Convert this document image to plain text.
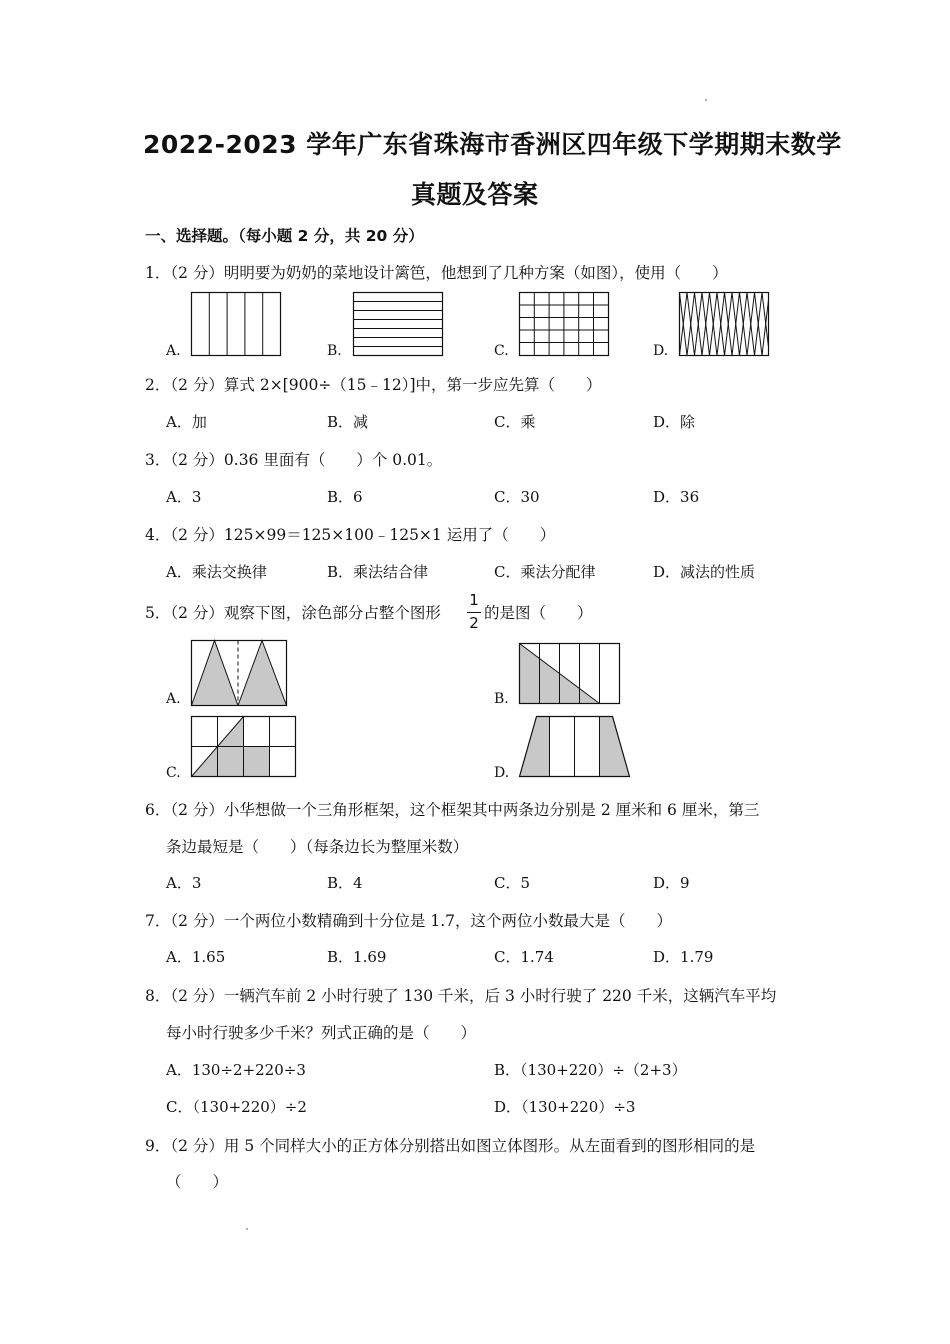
2022-2023 学年广东省珠海市香洲区四年级下学期期末数学
真题及答案
一、选择题。（每小题 2 分，共 20 分）
1．（2 分）明明要为奶奶的菜地设计篱笆，他想到了几种方案（如图），使用（　　）
A.	B.	C.	D.
2．（2 分）算式 2×[900÷（15﹣12）]中，第一步应先算（　　）
A．加	B．减	C．乘	D．除
3．（2 分）0.36 里面有（　　）个 0.01。
A．3	B．6	C．30	D．36
4．（2 分）125×99＝125×100﹣125×1 运用了（　　）
A．乘法交换律	B．乘法结合律	C．乘法分配律	D．减法的性质
5．（2 分）观察下图，涂色部分占整个图形
1
2
的是图（　　）
A.	B.
C.	D.
6．（2 分）小华想做一个三角形框架，这个框架其中两条边分别是 2 厘米和 6 厘米，第三
条边最短是（　　）（每条边长为整厘米数）
A．3	B．4	C．5	D．9
7．（2 分）一个两位小数精确到十分位是 1.7，这个两位小数最大是（　　）
A．1.65	B．1.69	C．1.74	D．1.79
8．（2 分）一辆汽车前 2 小时行驶了 130 千米，后 3 小时行驶了 220 千米，这辆汽车平均
每小时行驶多少千米？列式正确的是（　　）
A．130÷2+220÷3	B．（130+220）÷（2+3）
C．（130+220）÷2	D．（130+220）÷3
9．（2 分）用 5 个同样大小的正方体分别搭出如图立体图形。从左面看到的图形相同的是
（　　）
